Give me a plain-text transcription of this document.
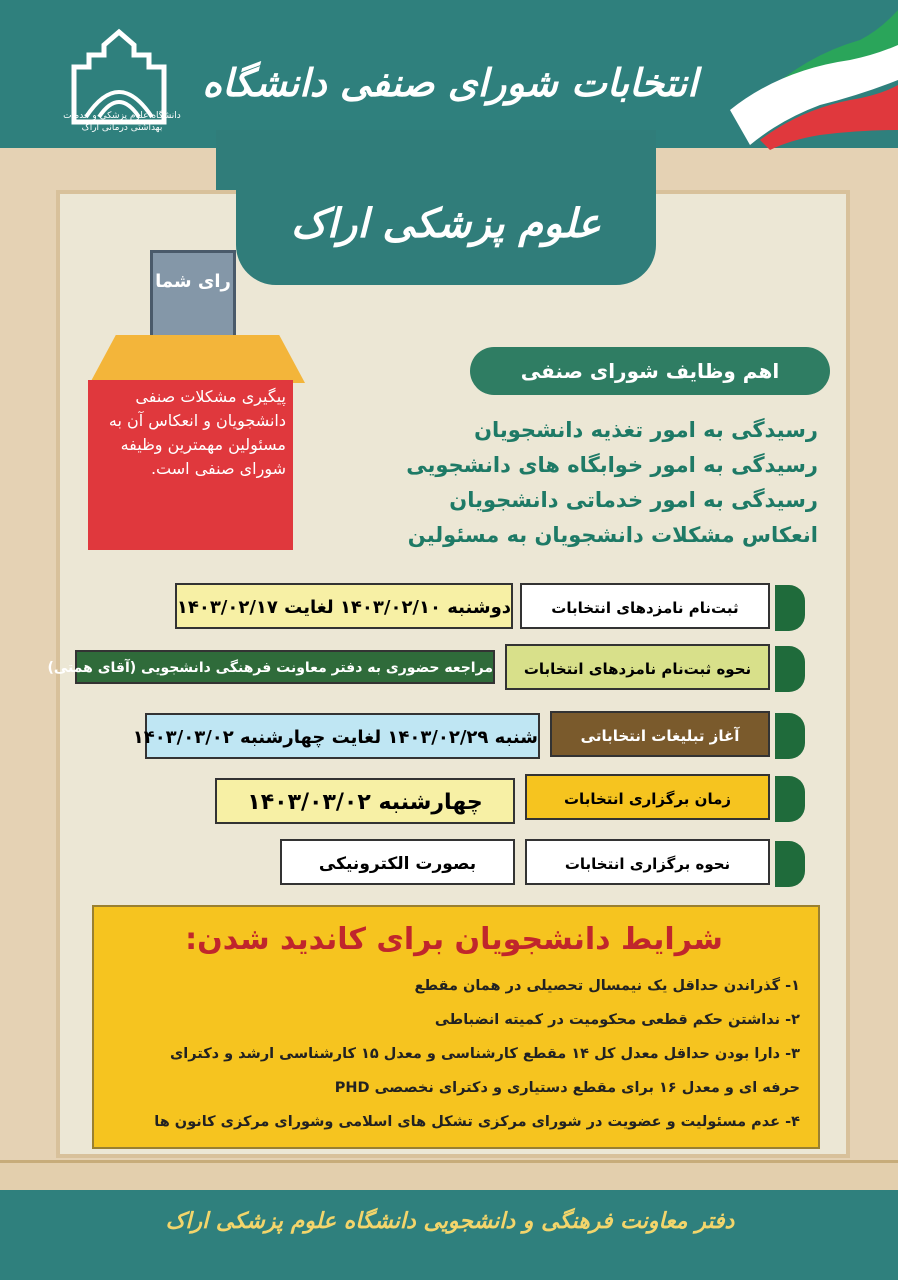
دانشگاه علوم پزشکی و خدمات بهداشتی درمانی اراک
انتخابات شورای صنفی دانشگاه
علوم پزشکی اراک
رای شما
پیگیری مشکلات صنفی دانشجویان و انعکاس آن به مسئولین مهمترین وظیفه شورای صنفی است.
اهم وظایف شورای صنفی
رسیدگی به امور تغذیه دانشجویان
رسیدگی به امور خوابگاه های دانشجویی
رسیدگی به امور خدماتی دانشجویان
انعکاس مشکلات دانشجویان به مسئولین
ثبت‌نام نامزدهای انتخابات
دوشنبه ۱۴۰۳/۰۲/۱۰ لغایت ۱۴۰۳/۰۲/۱۷
نحوه ثبت‌نام نامزدهای انتخابات
مراجعه حضوری به دفتر معاونت فرهنگی دانشجویی (آقای همتی)
آغاز تبلیغات انتخاباتی
شنبه ۱۴۰۳/۰۲/۲۹ لغایت چهارشنبه ۱۴۰۳/۰۳/۰۲
زمان برگزاری انتخابات
چهارشنبه ۱۴۰۳/۰۳/۰۲
نحوه برگزاری انتخابات
بصورت الکترونیکی
شرایط دانشجویان برای کاندید شدن:
۱- گذراندن حداقل یک نیمسال تحصیلی در همان مقطع
۲- نداشتن حکم قطعی محکومیت در کمیته انضباطی
۳- دارا بودن حداقل معدل کل ۱۴ مقطع کارشناسی و معدل ۱۵ کارشناسی ارشد و دکترای
حرفه ای و معدل ۱۶ برای مقطع دستیاری و دکترای نخصصی PHD
۴- عدم مسئولیت و عضویت در شورای مرکزی تشکل های اسلامی وشورای مرکزی کانون ها
دفتر معاونت فرهنگی و دانشجویی دانشگاه علوم پزشکی اراک
